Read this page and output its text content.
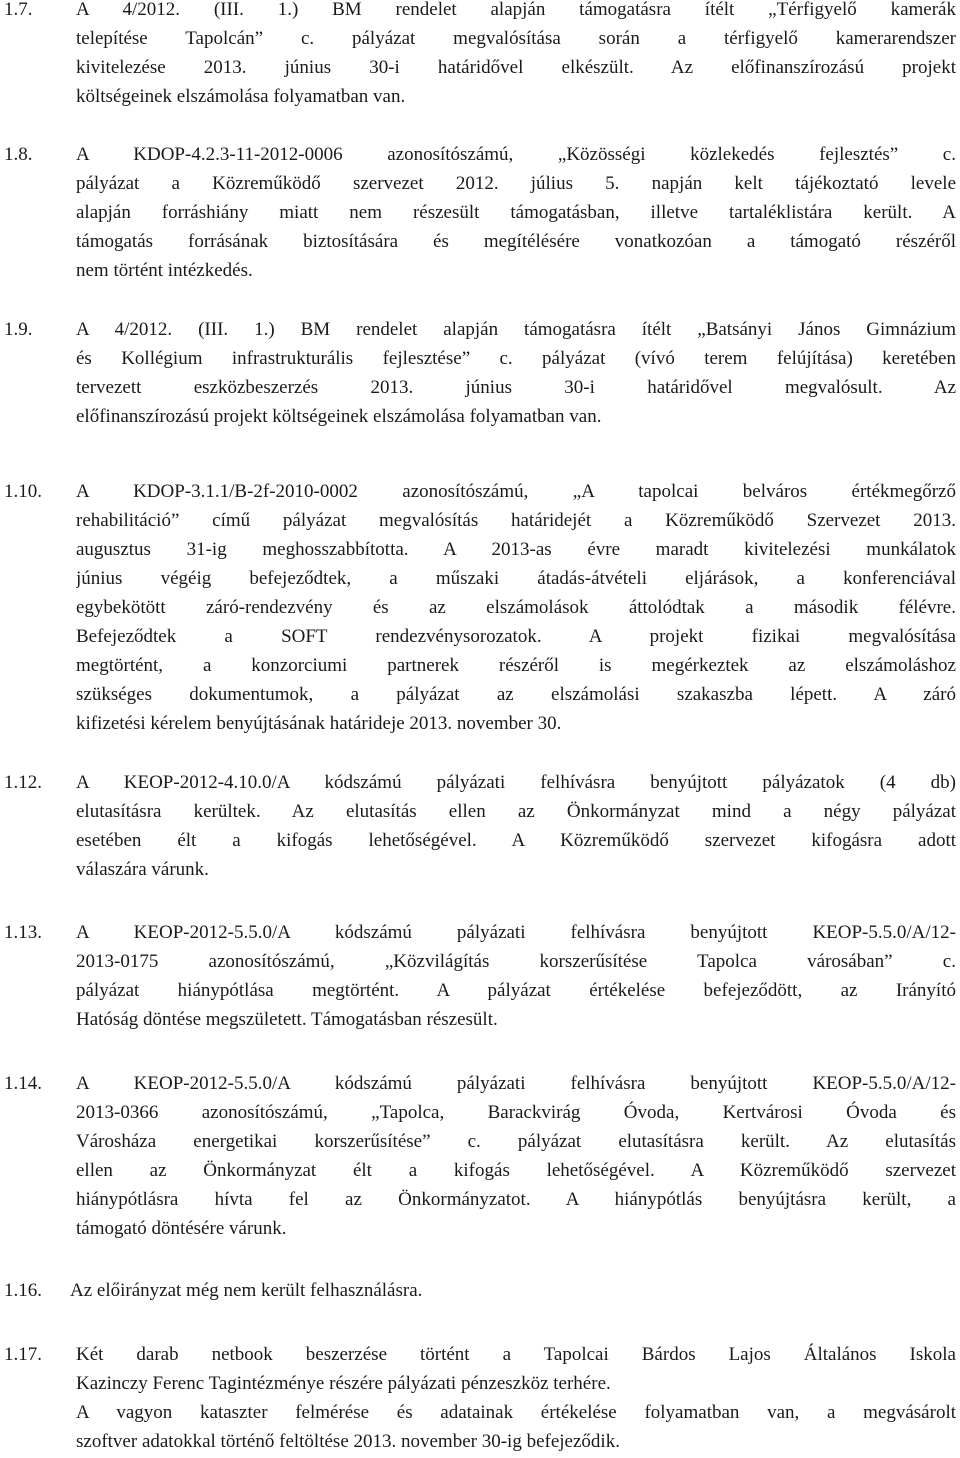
1.7. A 4/2012. (III. 1.) BM rendelet alapján támogatásra ítélt „Térfigyelő kamerák
telepítése Tapolcán” c. pályázat megvalósítása során a térfigyelő kamerarendszer
kivitelezése 2013. június 30-i határidővel elkészült. Az előfinanszírozású projekt
költségeinek elszámolása folyamatban van.
1.8. A KDOP-4.2.3-11-2012-0006 azonosítószámú, „Közösségi közlekedés fejlesztés” c.
pályázat a Közreműködő szervezet 2012. július 5. napján kelt tájékoztató levele
alapján forráshiány miatt nem részesült támogatásban, illetve tartaléklistára került. A
támogatás forrásának biztosítására és megítélésére vonatkozóan a támogató részéről
nem történt intézkedés.
1.9. A 4/2012. (III. 1.) BM rendelet alapján támogatásra ítélt „Batsányi János Gimnázium
és Kollégium infrastrukturális fejlesztése” c. pályázat (vívó terem felújítása) keretében
tervezett eszközbeszerzés 2013. június 30-i határidővel megvalósult. Az
előfinanszírozású projekt költségeinek elszámolása folyamatban van.
1.10. A KDOP-3.1.1/B-2f-2010-0002 azonosítószámú, „A tapolcai belváros értékmegőrző
rehabilitáció” című pályázat megvalósítás határidejét a Közreműködő Szervezet 2013.
augusztus 31-ig meghosszabbította. A 2013-as évre maradt kivitelezési munkálatok
június végéig befejeződtek, a műszaki átadás-átvételi eljárások, a konferenciával
egybekötött záró-rendezvény és az elszámolások áttolódtak a második félévre.
Befejeződtek a SOFT rendezvénysorozatok. A projekt fizikai megvalósítása
megtörtént, a konzorciumi partnerek részéről is megérkeztek az elszámoláshoz
szükséges dokumentumok, a pályázat az elszámolási szakaszba lépett. A záró
kifizetési kérelem benyújtásának határideje 2013. november 30.
1.12. A KEOP-2012-4.10.0/A kódszámú pályázati felhívásra benyújtott pályázatok (4 db)
elutasításra kerültek. Az elutasítás ellen az Önkormányzat mind a négy pályázat
esetében élt a kifogás lehetőségével. A Közreműködő szervezet kifogásra adott
válaszára várunk.
1.13. A KEOP-2012-5.5.0/A kódszámú pályázati felhívásra benyújtott KEOP-5.5.0/A/12-
2013-0175 azonosítószámú, „Közvilágítás korszerűsítése Tapolca városában” c.
pályázat hiánypótlása megtörtént. A pályázat értékelése befejeződött, az Irányító
Hatóság döntése megszületett. Támogatásban részesült.
1.14. A KEOP-2012-5.5.0/A kódszámú pályázati felhívásra benyújtott KEOP-5.5.0/A/12-
2013-0366 azonosítószámú, „Tapolca, Barackvirág Óvoda, Kertvárosi Óvoda és
Városháza energetikai korszerűsítése” c. pályázat elutasításra került. Az elutasítás
ellen az Önkormányzat élt a kifogás lehetőségével. A Közreműködő szervezet
hiánypótlásra hívta fel az Önkormányzatot. A hiánypótlás benyújtásra került, a
támogató döntésére várunk.
1.16. Az előirányzat még nem került felhasználásra.
1.17. Két darab netbook beszerzése történt a Tapolcai Bárdos Lajos Általános Iskola
Kazinczy Ferenc Tagintézménye részére pályázati pénzeszköz terhére.
A vagyon kataszter felmérése és adatainak értékelése folyamatban van, a megvásárolt
szoftver adatokkal történő feltöltése 2013. november 30-ig befejeződik.
